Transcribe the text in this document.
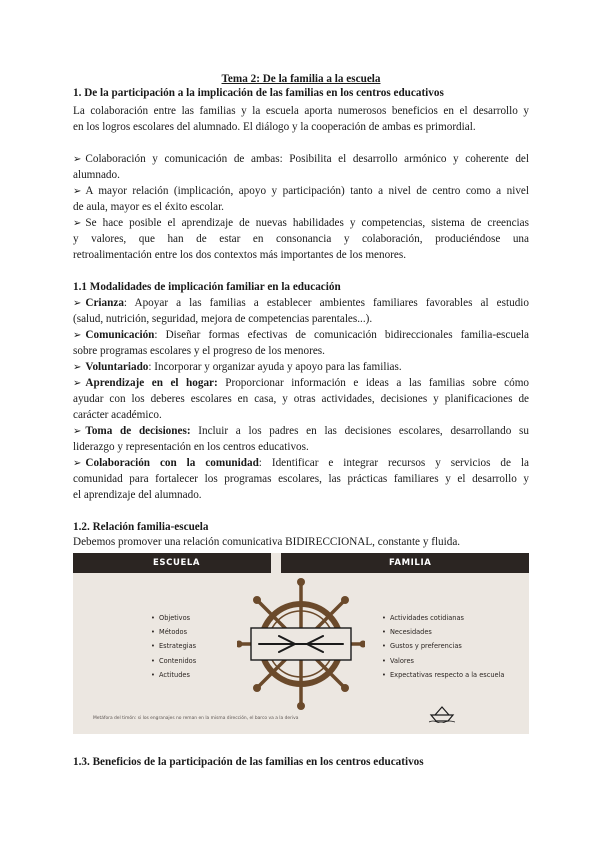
Tema 2: De la familia a la escuela
1. De la participación a la implicación de las familias en los centros educativos
La colaboración entre las familias y la escuela aporta numerosos beneficios en el desarrollo y
en los logros escolares del alumnado. El diálogo y la cooperación de ambas es primordial.
➢ Colaboración y comunicación de ambas: Posibilita el desarrollo armónico y coherente del
alumnado.
➢ A mayor relación (implicación, apoyo y participación) tanto a nivel de centro como a nivel
de aula, mayor es el éxito escolar.
➢ Se hace posible el aprendizaje de nuevas habilidades y competencias, sistema de creencias
y valores, que han de estar en consonancia y colaboración, produciéndose una
retroalimentación entre los dos contextos más importantes de los menores.
1.1 Modalidades de implicación familiar en la educación
➢ Crianza: Apoyar a las familias a establecer ambientes familiares favorables al estudio
(salud, nutrición, seguridad, mejora de competencias parentales...).
➢ Comunicación: Diseñar formas efectivas de comunicación bidireccionales familia-escuela
sobre programas escolares y el progreso de los menores.
➢ Voluntariado: Incorporar y organizar ayuda y apoyo para las familias.
➢ Aprendizaje en el hogar: Proporcionar información e ideas a las familias sobre cómo
ayudar con los deberes escolares en casa, y otras actividades, decisiones y planificaciones de
carácter académico.
➢ Toma de decisiones: Incluir a los padres en las decisiones escolares, desarrollando su
liderazgo y representación en los centros educativos.
➢ Colaboración con la comunidad: Identificar e integrar recursos y servicios de la
comunidad para fortalecer los programas escolares, las prácticas familiares y el desarrollo y
el aprendizaje del alumnado.
1.2. Relación familia-escuela
Debemos promover una relación comunicativa BIDIRECCIONAL, constante y fluida.
ESCUELA	FAMILIA
• Objetivos
• Métodos
• Estrategias
• Contenidos
• Actitudes
• Actividades cotidianas
• Necesidades
• Gustos y preferencias
• Valores
• Expectativas respecto a la escuela
Metáfora del timón: si los engranajes no reman en la misma dirección, el barco va a la deriva
1.3. Beneficios de la participación de las familias en los centros educativos
